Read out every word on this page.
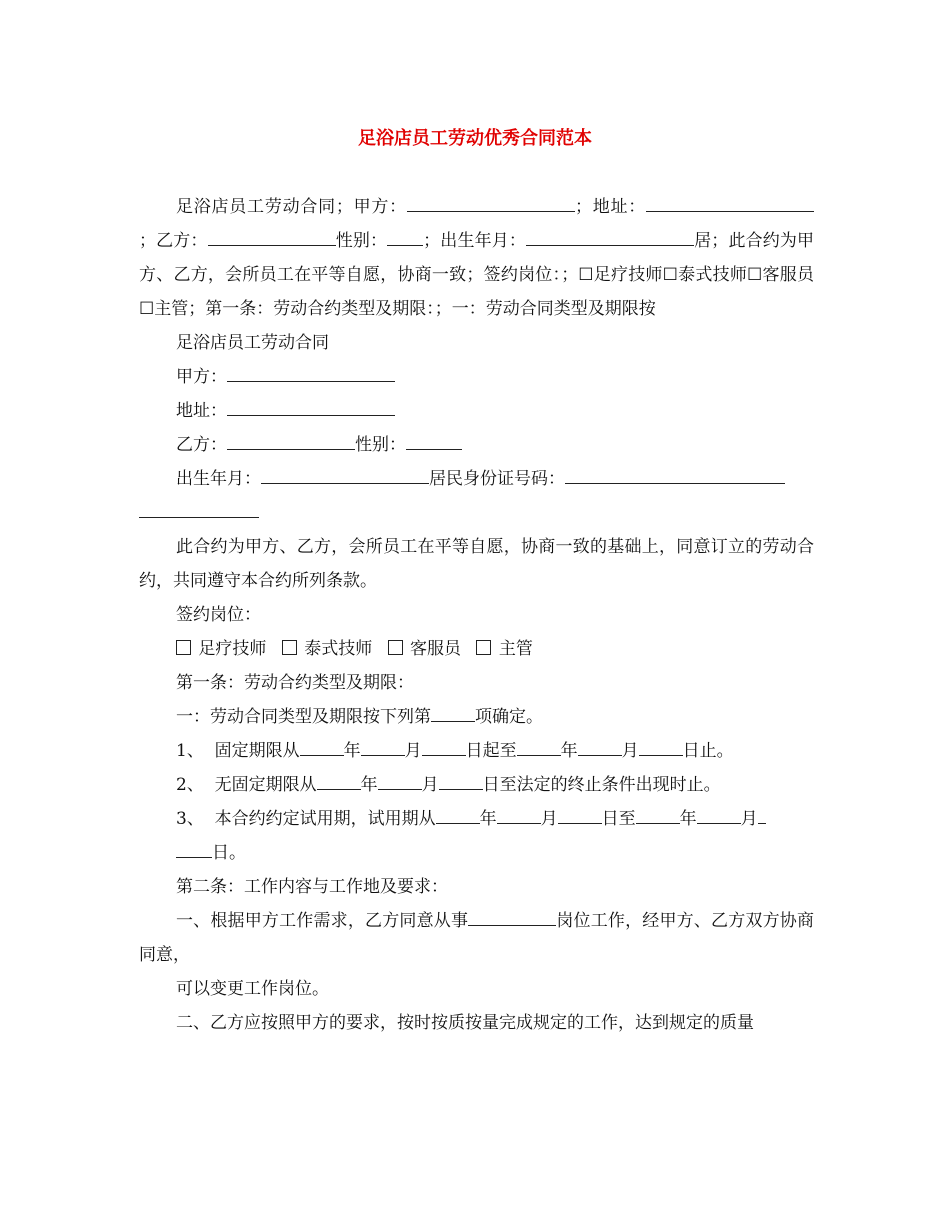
足浴店员工劳动优秀合同范本

足浴店员工劳动合同；甲方：	；地址：；乙方：	性别： ；出生年月：	居；此合约为甲方、乙方，会所员工在平等自愿，协商一致；签约岗位：；☐足疗技师☐泰式技师☐客服员☐主管；第一条：劳动合约类型及期限：；一：劳动合同类型及期限按

足浴店员工劳动合同

甲方：

地址：

乙方：	性别：

出生年月：	居民身份证号码：

此合约为甲方、乙方，会所员工在平等自愿，协商一致的基础上，同意订立的劳动合约，共同遵守本合约所列条款。

签约岗位：

足疗技师 泰式技师 客服员 主管

第一条：劳动合约类型及期限：

一：劳动合同类型及期限按下列第	项确定。

1、 固定期限从	年	月	日起至	年	月	日止。

2、 无固定期限从	年	月	日至法定的终止条件出现时止。

3、 本合约约定试用期，试用期从	年	月	日至	年	月
日。

第二条：工作内容与工作地及要求：

一、根据甲方工作需求，乙方同意从事	岗位工作，经甲方、乙方双方协商同意，

可以变更工作岗位。

二、乙方应按照甲方的要求，按时按质按量完成规定的工作，达到规定的质量
